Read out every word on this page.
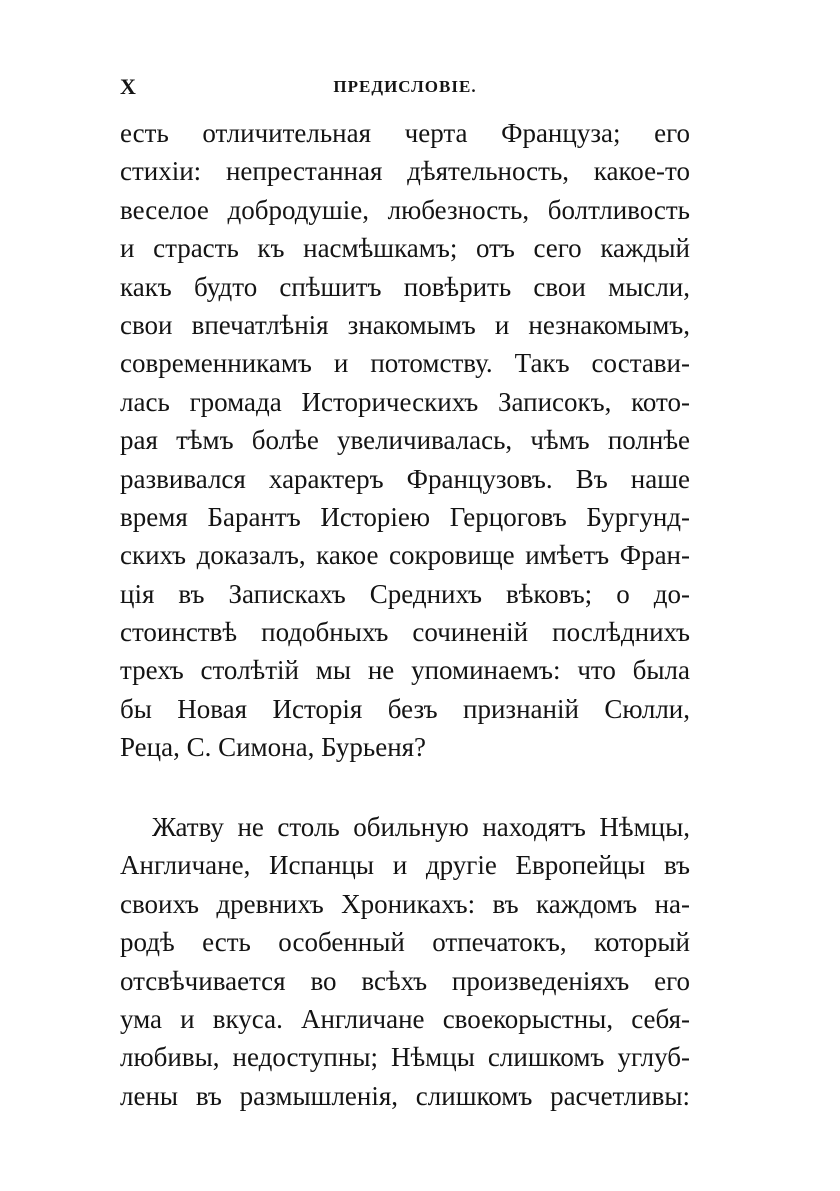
X	ПРЕДИСЛОВІЕ.
есть отличительная черта Француза; его
стихіи: непрестанная дѣятельность, какое-то
веселое добродушіе, любезность, болтливость
и страсть къ насмѣшкамъ; отъ сего каждый
какъ будто спѣшитъ повѣрить свои мысли,
свои впечатлѣнія знакомымъ и незнакомымъ,
современникамъ и потомству. Такъ состави-
лась громада Историческихъ Записокъ, кото-
рая тѣмъ болѣе увеличивалась, чѣмъ полнѣе
развивался характеръ Французовъ. Въ наше
время Барантъ Исторіею Герцоговъ Бургунд-
скихъ доказалъ, какое сокровище имѣетъ Фран-
ція въ Запискахъ Среднихъ вѣковъ; о до-
стоинствѣ подобныхъ сочиненій послѣднихъ
трехъ столѣтій мы не упоминаемъ: что была
бы Новая Исторія безъ признаній Сюлли,
Реца, С. Симона, Бурьеня?
Жатву не столь обильную находятъ Нѣмцы,
Англичане, Испанцы и другіе Европейцы въ
своихъ древнихъ Хроникахъ: въ каждомъ на-
родѣ есть особенный отпечатокъ, который
отсвѣчивается во всѣхъ произведеніяхъ его
ума и вкуса. Англичане своекорыстны, себя-
любивы, недоступны; Нѣмцы слишкомъ углуб-
лены въ размышленія, слишкомъ расчетливы:
